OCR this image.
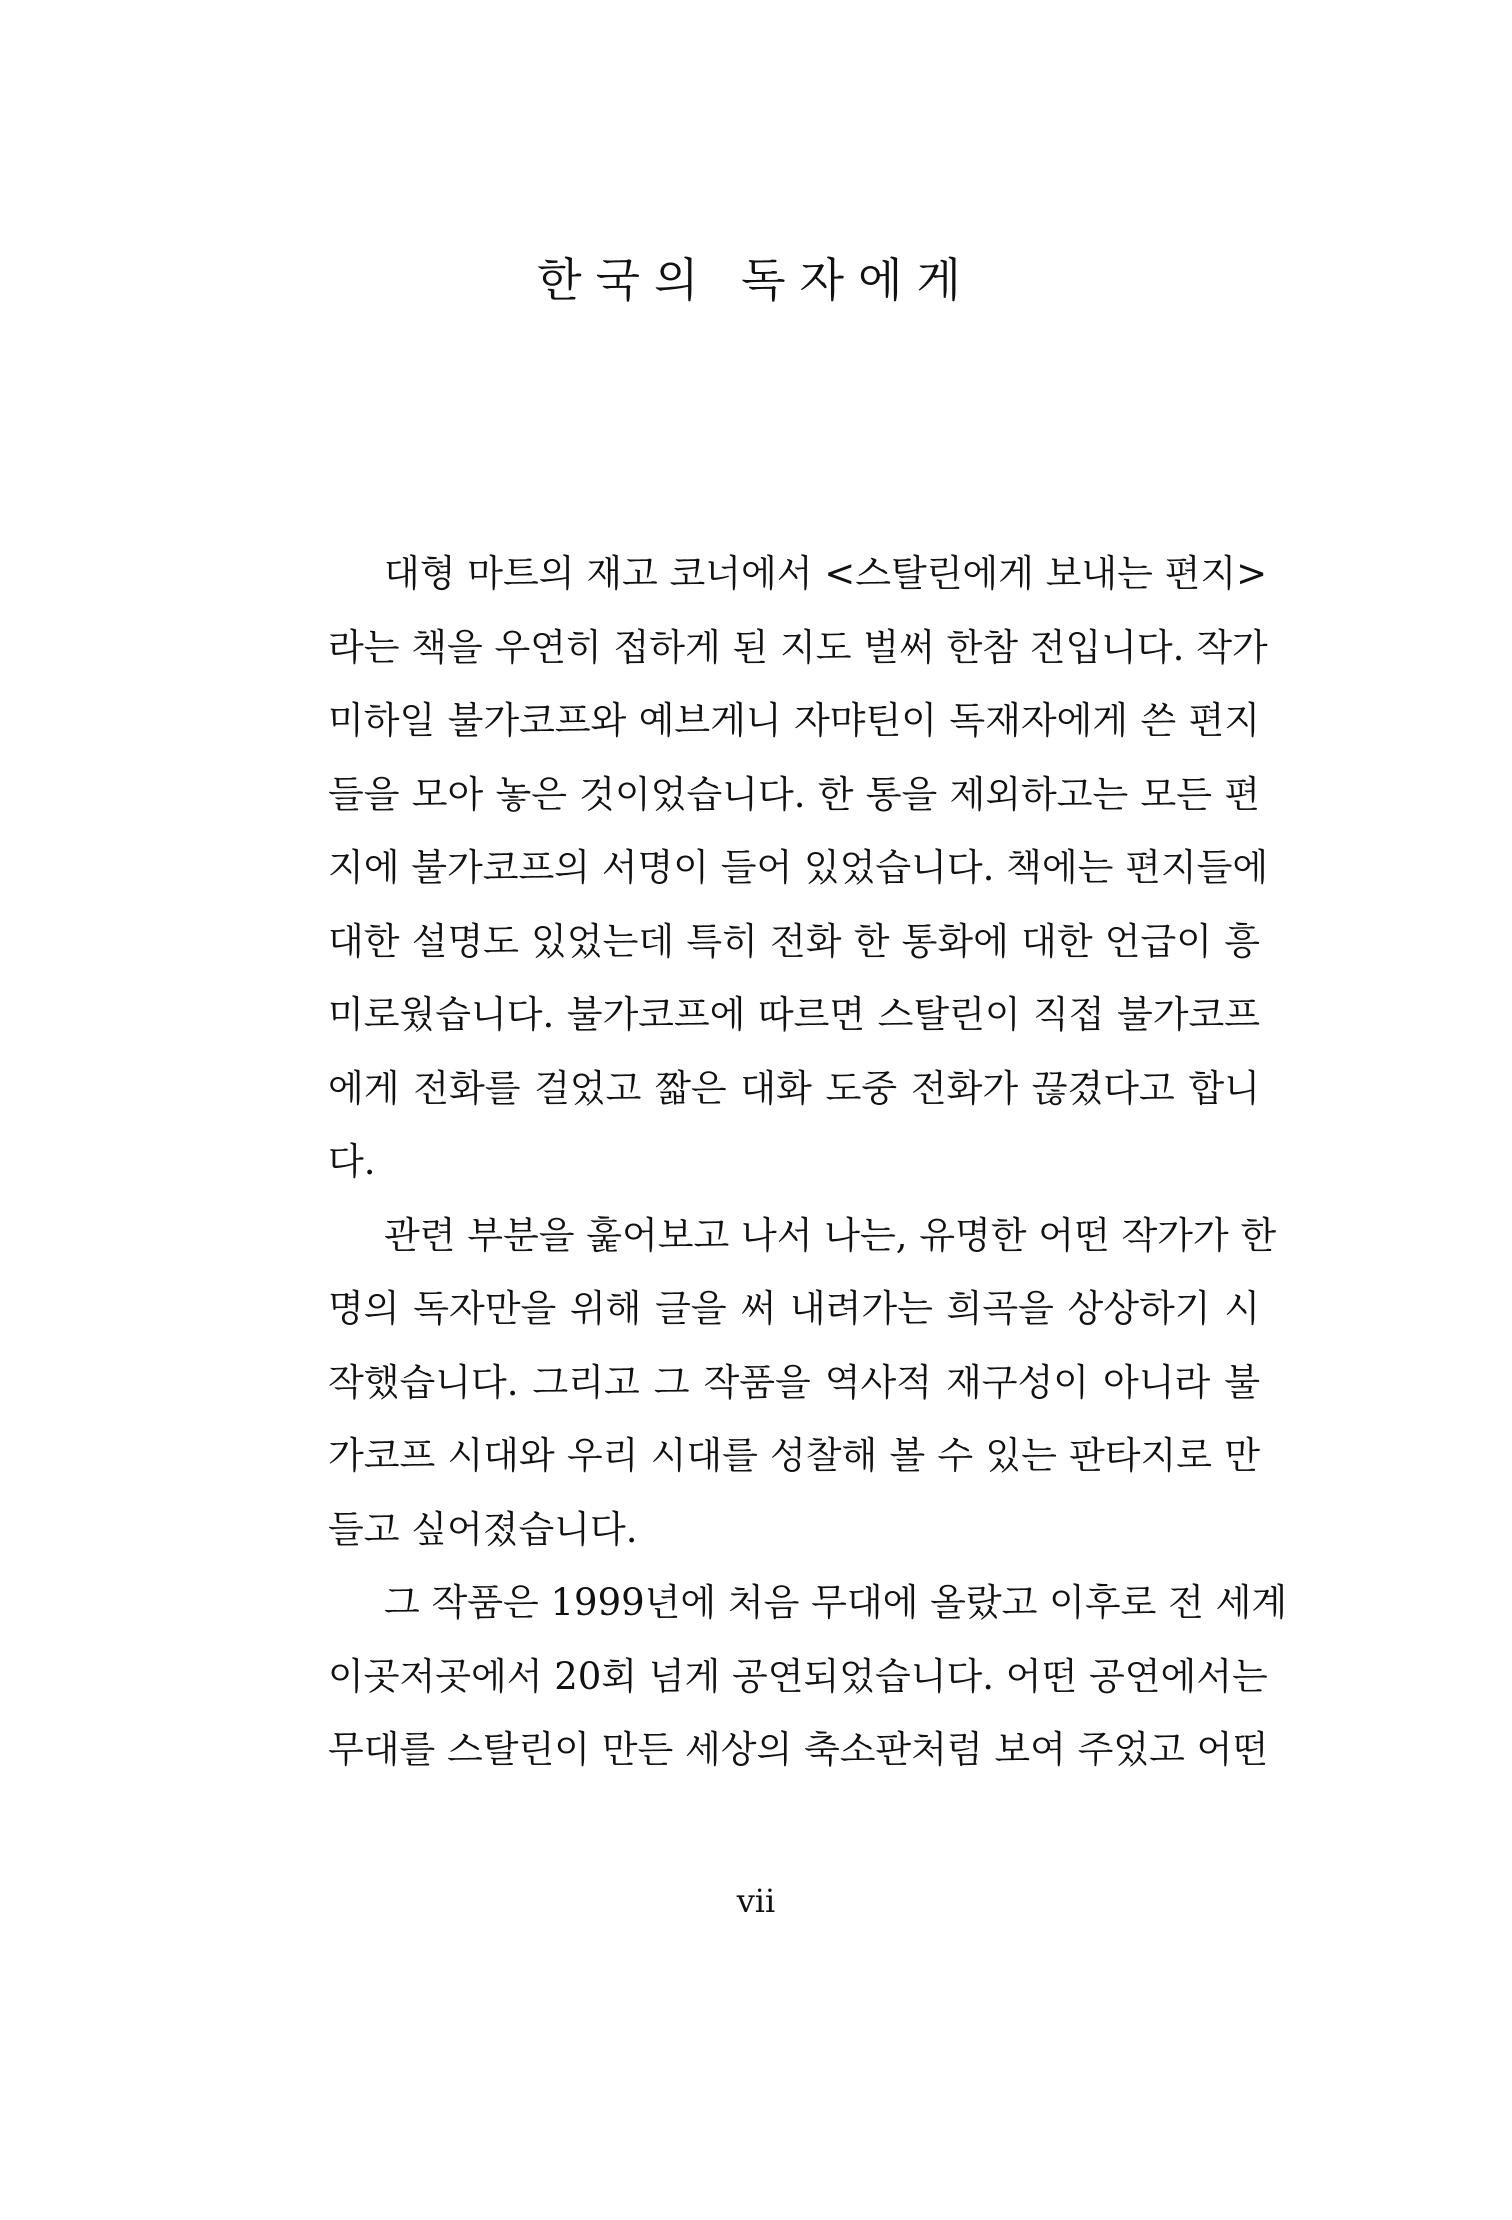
한국의 독자에게
대형 마트의 재고 코너에서 <스탈린에게 보내는 편지>
라는 책을 우연히 접하게 된 지도 벌써 한참 전입니다. 작가
미하일 불가코프와 예브게니 자먀틴이 독재자에게 쓴 편지
들을 모아 놓은 것이었습니다. 한 통을 제외하고는 모든 편
지에 불가코프의 서명이 들어 있었습니다. 책에는 편지들에
대한 설명도 있었는데 특히 전화 한 통화에 대한 언급이 흥
미로웠습니다. 불가코프에 따르면 스탈린이 직접 불가코프
에게 전화를 걸었고 짧은 대화 도중 전화가 끊겼다고 합니
다.
관련 부분을 훑어보고 나서 나는, 유명한 어떤 작가가 한
명의 독자만을 위해 글을 써 내려가는 희곡을 상상하기 시
작했습니다. 그리고 그 작품을 역사적 재구성이 아니라 불
가코프 시대와 우리 시대를 성찰해 볼 수 있는 판타지로 만
들고 싶어졌습니다.
그 작품은 1999년에 처음 무대에 올랐고 이후로 전 세계
이곳저곳에서 20회 넘게 공연되었습니다. 어떤 공연에서는
무대를 스탈린이 만든 세상의 축소판처럼 보여 주었고 어떤
vii
